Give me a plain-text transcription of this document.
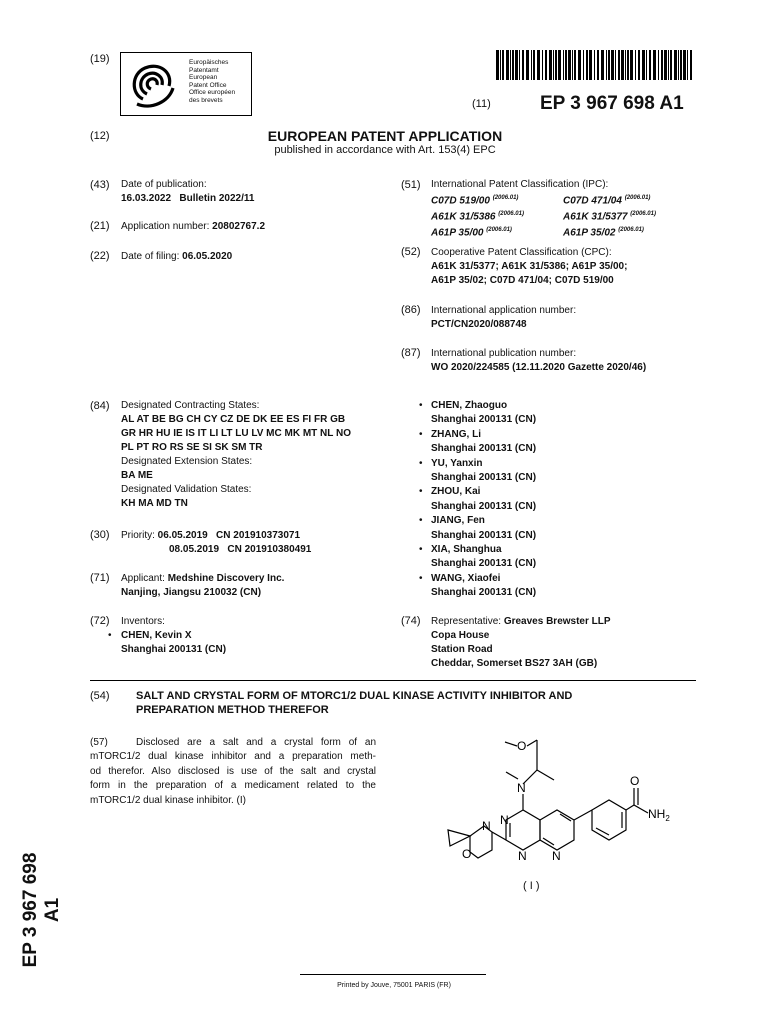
(19)	Europäisches
Patentamt
European
Patent Office
Office européen
des brevets	(11)	EP 3 967 698 A1
(12)	EUROPEAN PATENT APPLICATION
published in accordance with Art. 153(4) EPC
(43) Date of publication:
16.03.2022   Bulletin 2022/11
(21) Application number: 20802767.2
(22) Date of filing: 06.05.2020
(51) International Patent Classification (IPC):
C07D 519/00 $^{(2006.01)}$	C07D 471/04 $^{(2006.01)}$
A61K 31/5386 $^{(2006.01)}$	A61K 31/5377 $^{(2006.01)}$
A61P 35/00 $^{(2006.01)}$	A61P 35/02 $^{(2006.01)}$
(52) Cooperative Patent Classification (CPC):
A61K 31/5377; A61K 31/5386; A61P 35/00;
A61P 35/02; C07D 471/04; C07D 519/00
(86) International application number:
PCT/CN2020/088748
(87) International publication number:
WO 2020/224585 (12.11.2020 Gazette 2020/46)
(84) Designated Contracting States:
AL AT BE BG CH CY CZ DE DK EE ES FI FR GB
GR HR HU IE IS IT LI LT LU LV MC MK MT NL NO
PL PT RO RS SE SI SK SM TR
Designated Extension States:
BA ME
Designated Validation States:
KH MA MD TN
(30) Priority: 06.05.2019   CN 201910373071
08.05.2019   CN 201910380491
(71) Applicant: Medshine Discovery Inc.
Nanjing, Jiangsu 210032 (CN)
(72)	Inventors:
• CHEN, Kevin X
Shanghai 200131 (CN)
• CHEN, Zhaoguo
Shanghai 200131 (CN)
• ZHANG, Li
Shanghai 200131 (CN)
• YU, Yanxin
Shanghai 200131 (CN)
• ZHOU, Kai
Shanghai 200131 (CN)
• JIANG, Fen
Shanghai 200131 (CN)
• XIA, Shanghua
Shanghai 200131 (CN)
• WANG, Xiaofei
Shanghai 200131 (CN)
(74) Representative: Greaves Brewster LLP
Copa House
Station Road
Cheddar, Somerset BS27 3AH (GB)
(54) SALT AND CRYSTAL FORM OF MTORC1/2 DUAL KINASE ACTIVITY INHIBITOR AND
PREPARATION METHOD THEREFOR
(57)	Disclosed are a salt and a crystal form of an
mTORC1/2 dual kinase inhibitor and a preparation meth-
od therefor. Also disclosed is use of the salt and crystal
form in the preparation of a medicament related to the
mTORC1/2 dual kinase inhibitor. (I)
O
N
N
N N
N
O
O
$NH_2$
( I )
EP 3 967 698 A1
Printed by Jouve, 75001 PARIS (FR)
